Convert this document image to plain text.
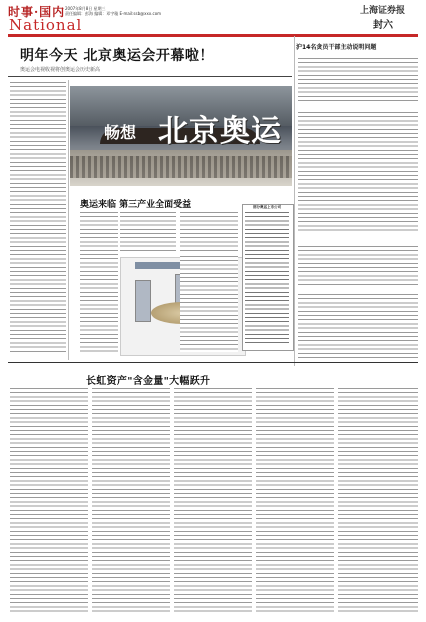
时事·国内
National
2007年8月8日 星期三
责任编辑：彭海 编辑：邓宇璇 E-mail:ssb@xxx.com	上海证券报
封六
明年今天 北京奥运会开幕啦！
奥运会电视收视将创奥运会历史新高
畅想 北京奥运
奥运来临 第三产业全面受益	部分奥运上市公司
沪14名贪员干部主动说明问题
长虹资产"含金量"大幅跃升
